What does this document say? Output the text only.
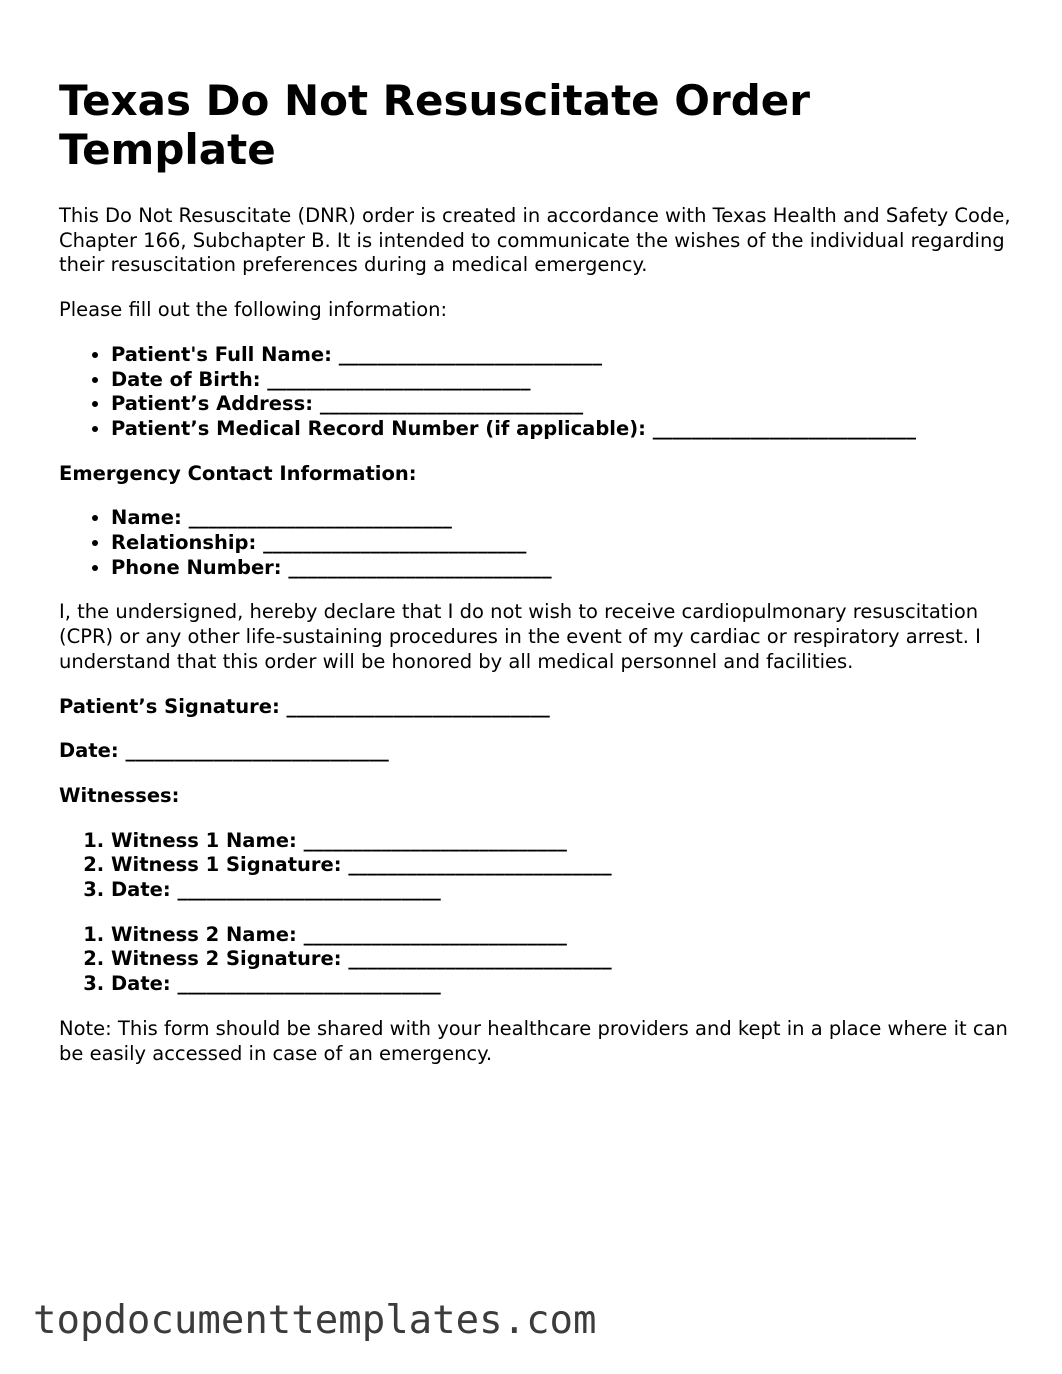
Texas Do Not Resuscitate Order Template

This Do Not Resuscitate (DNR) order is created in accordance with Texas Health and Safety Code, Chapter 166, Subchapter B. It is intended to communicate the wishes of the individual regarding their resuscitation preferences during a medical emergency.

Please fill out the following information:

• Patient's Full Name: ___________________________
• Date of Birth: ___________________________
• Patient’s Address: ___________________________
• Patient’s Medical Record Number (if applicable): ___________________________

Emergency Contact Information:

• Name: ___________________________
• Relationship: ___________________________
• Phone Number: ___________________________

I, the undersigned, hereby declare that I do not wish to receive cardiopulmonary resuscitation (CPR) or any other life-sustaining procedures in the event of my cardiac or respiratory arrest. I understand that this order will be honored by all medical personnel and facilities.

Patient’s Signature: ___________________________

Date: ___________________________

Witnesses:

1. Witness 1 Name: ___________________________
2. Witness 1 Signature: ___________________________
3. Date: ___________________________
1. Witness 2 Name: ___________________________
2. Witness 2 Signature: ___________________________
3. Date: ___________________________

Note: This form should be shared with your healthcare providers and kept in a place where it can be easily accessed in case of an emergency.

topdocumenttemplates.com
